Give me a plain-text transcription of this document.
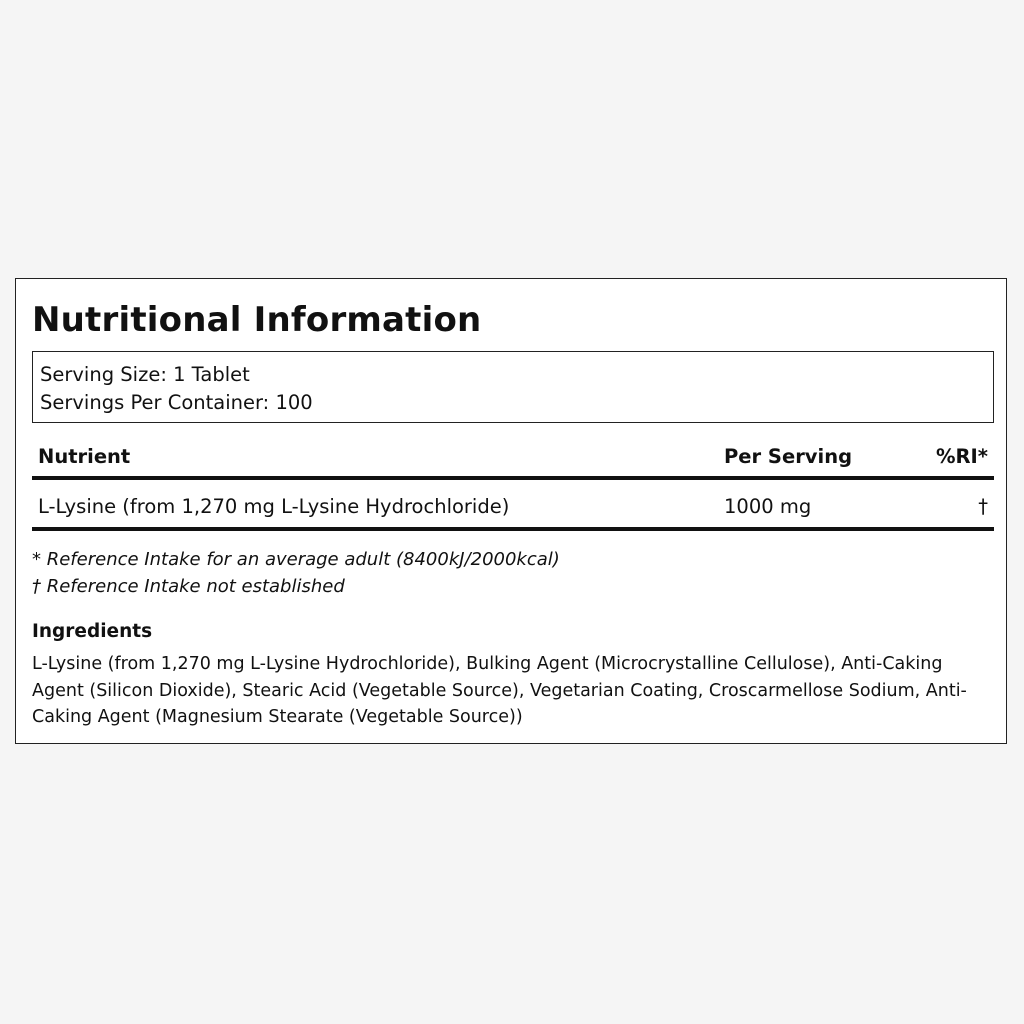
Nutritional Information
Serving Size: 1 Tablet
Servings Per Container: 100
Nutrient	Per Serving	%RI*
L-Lysine (from 1,270 mg L-Lysine Hydrochloride)	1000 mg	†
* Reference Intake for an average adult (8400kJ/2000kcal)
† Reference Intake not established
Ingredients

L-Lysine (from 1,270 mg L-Lysine Hydrochloride), Bulking Agent (Microcrystalline Cellulose), Anti-Caking Agent (Silicon Dioxide), Stearic Acid (Vegetable Source), Vegetarian Coating, Croscarmellose Sodium, Anti-Caking Agent (Magnesium Stearate (Vegetable Source))
